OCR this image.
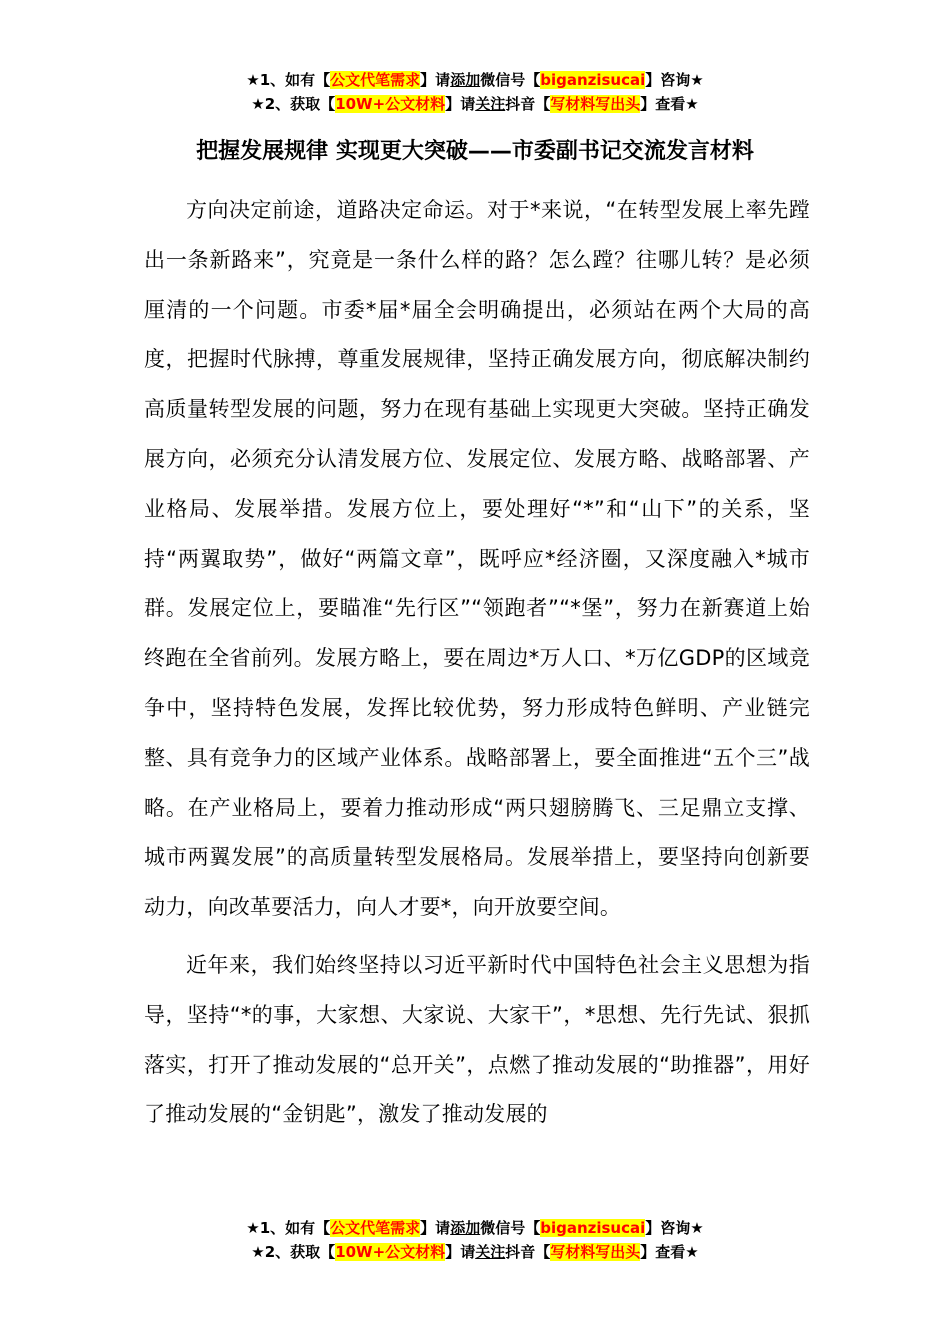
★1、如有【公文代笔需求】请添加微信号【biganzisucai】咨询★
★2、获取【10W+公文材料】请关注抖音【写材料写出头】查看★
把握发展规律 实现更大突破——市委副书记交流发言材料

方向决定前途，道路决定命运。对于*来说，“在转型发展上率先蹚出一条新路来”，究竟是一条什么样的路？怎么蹚？往哪儿转？是必须厘清的一个问题。市委*届*届全会明确提出，必须站在两个大局的高度，把握时代脉搏，尊重发展规律，坚持正确发展方向，彻底解决制约高质量转型发展的问题，努力在现有基础上实现更大突破。坚持正确发展方向，必须充分认清发展方位、发展定位、发展方略、战略部署、产业格局、发展举措。发展方位上，要处理好“*”和“山下”的关系，坚持“两翼取势”，做好“两篇文章”，既呼应*经济圈，又深度融入*城市群。发展定位上，要瞄准“先行区”“领跑者”“*堡”，努力在新赛道上始终跑在全省前列。发展方略上，要在周边*万人口、*万亿GDP的区域竞争中，坚持特色发展，发挥比较优势，努力形成特色鲜明、产业链完整、具有竞争力的区域产业体系。战略部署上，要全面推进“五个三”战略。在产业格局上，要着力推动形成“两只翅膀腾飞、三足鼎立支撑、城市两翼发展”的高质量转型发展格局。发展举措上，要坚持向创新要动力，向改革要活力，向人才要*，向开放要空间。

近年来，我们始终坚持以习近平新时代中国特色社会主义思想为指导，坚持“*的事，大家想、大家说、大家干”，*思想、先行先试、狠抓落实，打开了推动发展的“总开关”，点燃了推动发展的“助推器”，用好了推动发展的“金钥匙”，激发了推动发展的

★1、如有【公文代笔需求】请添加微信号【biganzisucai】咨询★
★2、获取【10W+公文材料】请关注抖音【写材料写出头】查看★
